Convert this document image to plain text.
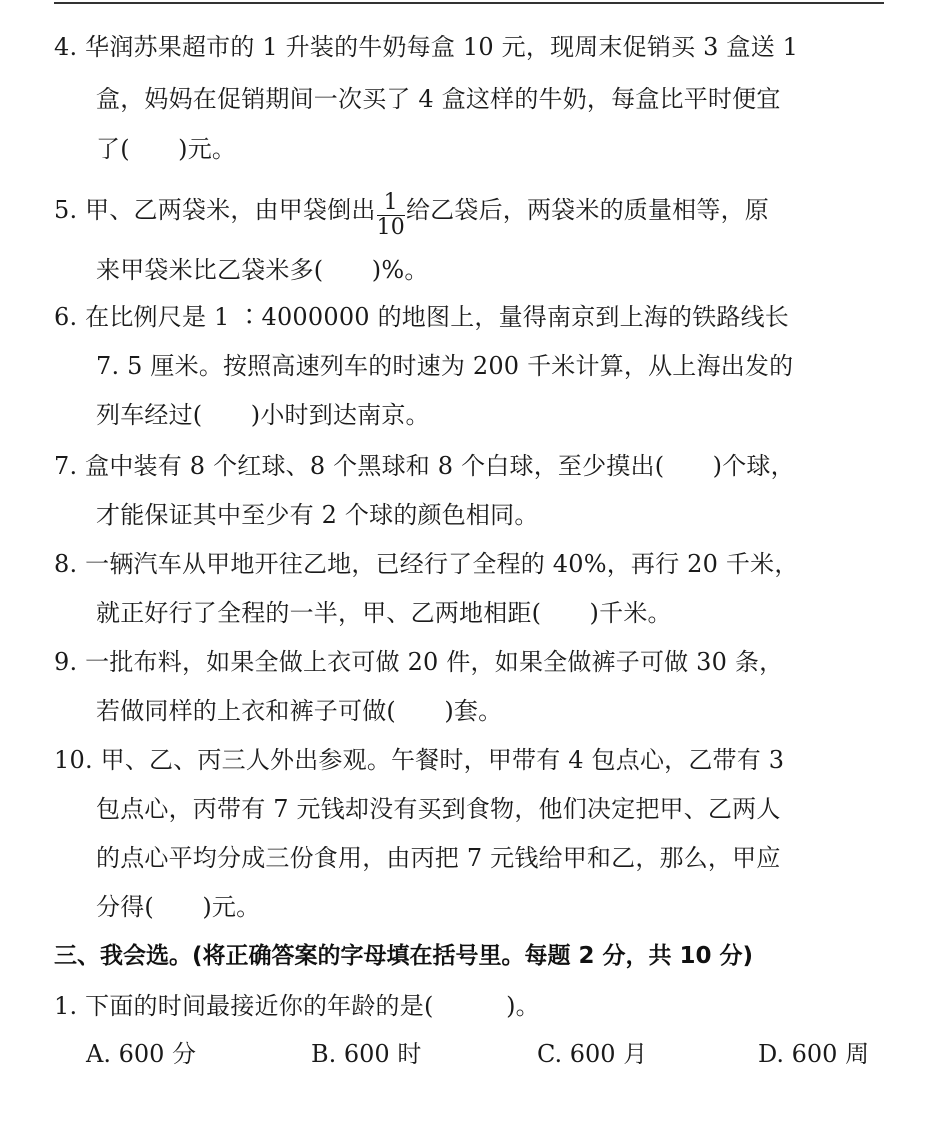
4. 华润苏果超市的 1 升装的牛奶每盒 10 元，现周末促销买 3 盒送 1
盒，妈妈在促销期间一次买了 4 盒这样的牛奶，每盒比平时便宜
了(　　)元。
5. 甲、乙两袋米，由甲袋倒出 $\frac{1}{10}$ 给乙袋后，两袋米的质量相等，原
来甲袋米比乙袋米多(　　)%。
6. 在比例尺是 1 ∶4000000 的地图上，量得南京到上海的铁路线长
7. 5 厘米。按照高速列车的时速为 200 千米计算，从上海出发的
列车经过(　　)小时到达南京。
7. 盒中装有 8 个红球、8 个黑球和 8 个白球，至少摸出(　　)个球，
才能保证其中至少有 2 个球的颜色相同。
8. 一辆汽车从甲地开往乙地，已经行了全程的 40%，再行 20 千米，
就正好行了全程的一半，甲、乙两地相距(　　)千米。
9. 一批布料，如果全做上衣可做 20 件，如果全做裤子可做 30 条，
若做同样的上衣和裤子可做(　　)套。
10. 甲、乙、丙三人外出参观。午餐时，甲带有 4 包点心，乙带有 3
包点心，丙带有 7 元钱却没有买到食物，他们决定把甲、乙两人
的点心平均分成三份食用，由丙把 7 元钱给甲和乙，那么，甲应
分得(　　)元。
三、我会选。(将正确答案的字母填在括号里。每题 2 分，共 10 分)
1. 下面的时间最接近你的年龄的是(　　　)。
A. 600 分	B. 600 时	C. 600 月	D. 600 周
